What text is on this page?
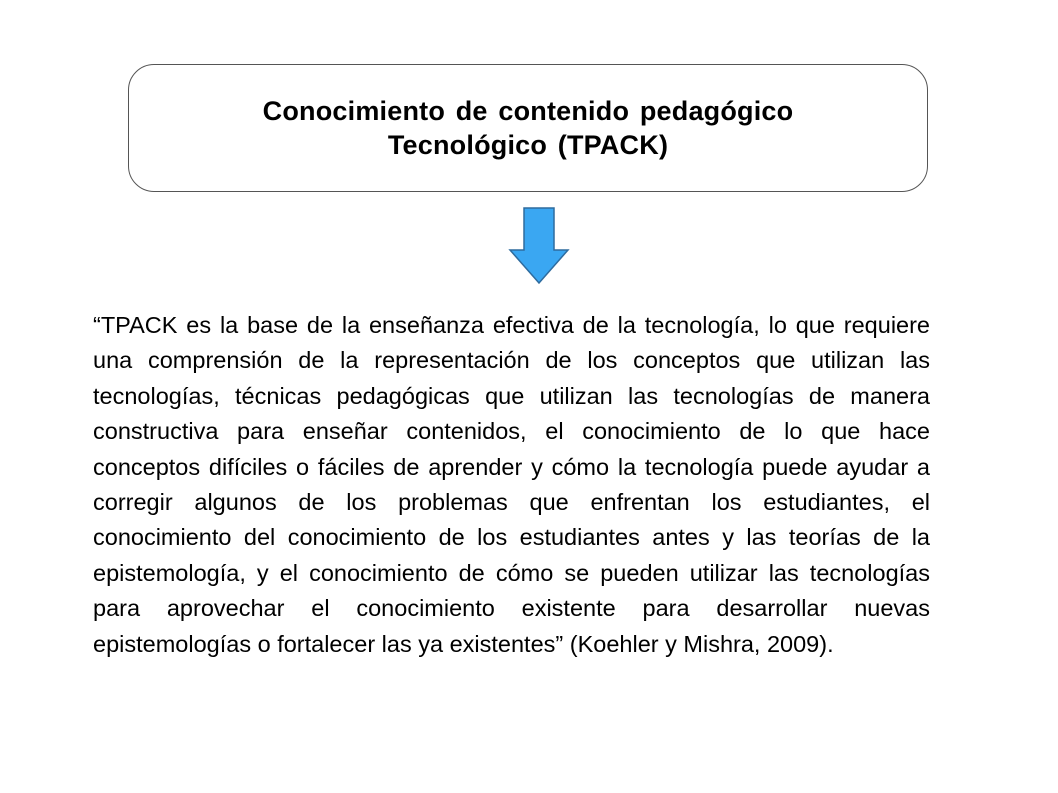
Conocimiento de contenido pedagógico
Tecnológico (TPACK)

“TPACK es la base de la enseñanza efectiva de la tecnología, lo que requiere una comprensión de la representación de los conceptos que utilizan las tecnologías, técnicas pedagógicas que utilizan las tecnologías de manera constructiva para enseñar contenidos, el conocimiento de lo que hace conceptos difíciles o fáciles de aprender y cómo la tecnología puede ayudar a corregir algunos de los problemas que enfrentan los estudiantes, el conocimiento del conocimiento de los estudiantes antes y las teorías de la epistemología, y el conocimiento de cómo se pueden utilizar las tecnologías para aprovechar el conocimiento existente para desarrollar nuevas epistemologías o fortalecer las ya existentes” (Koehler y Mishra, 2009).
